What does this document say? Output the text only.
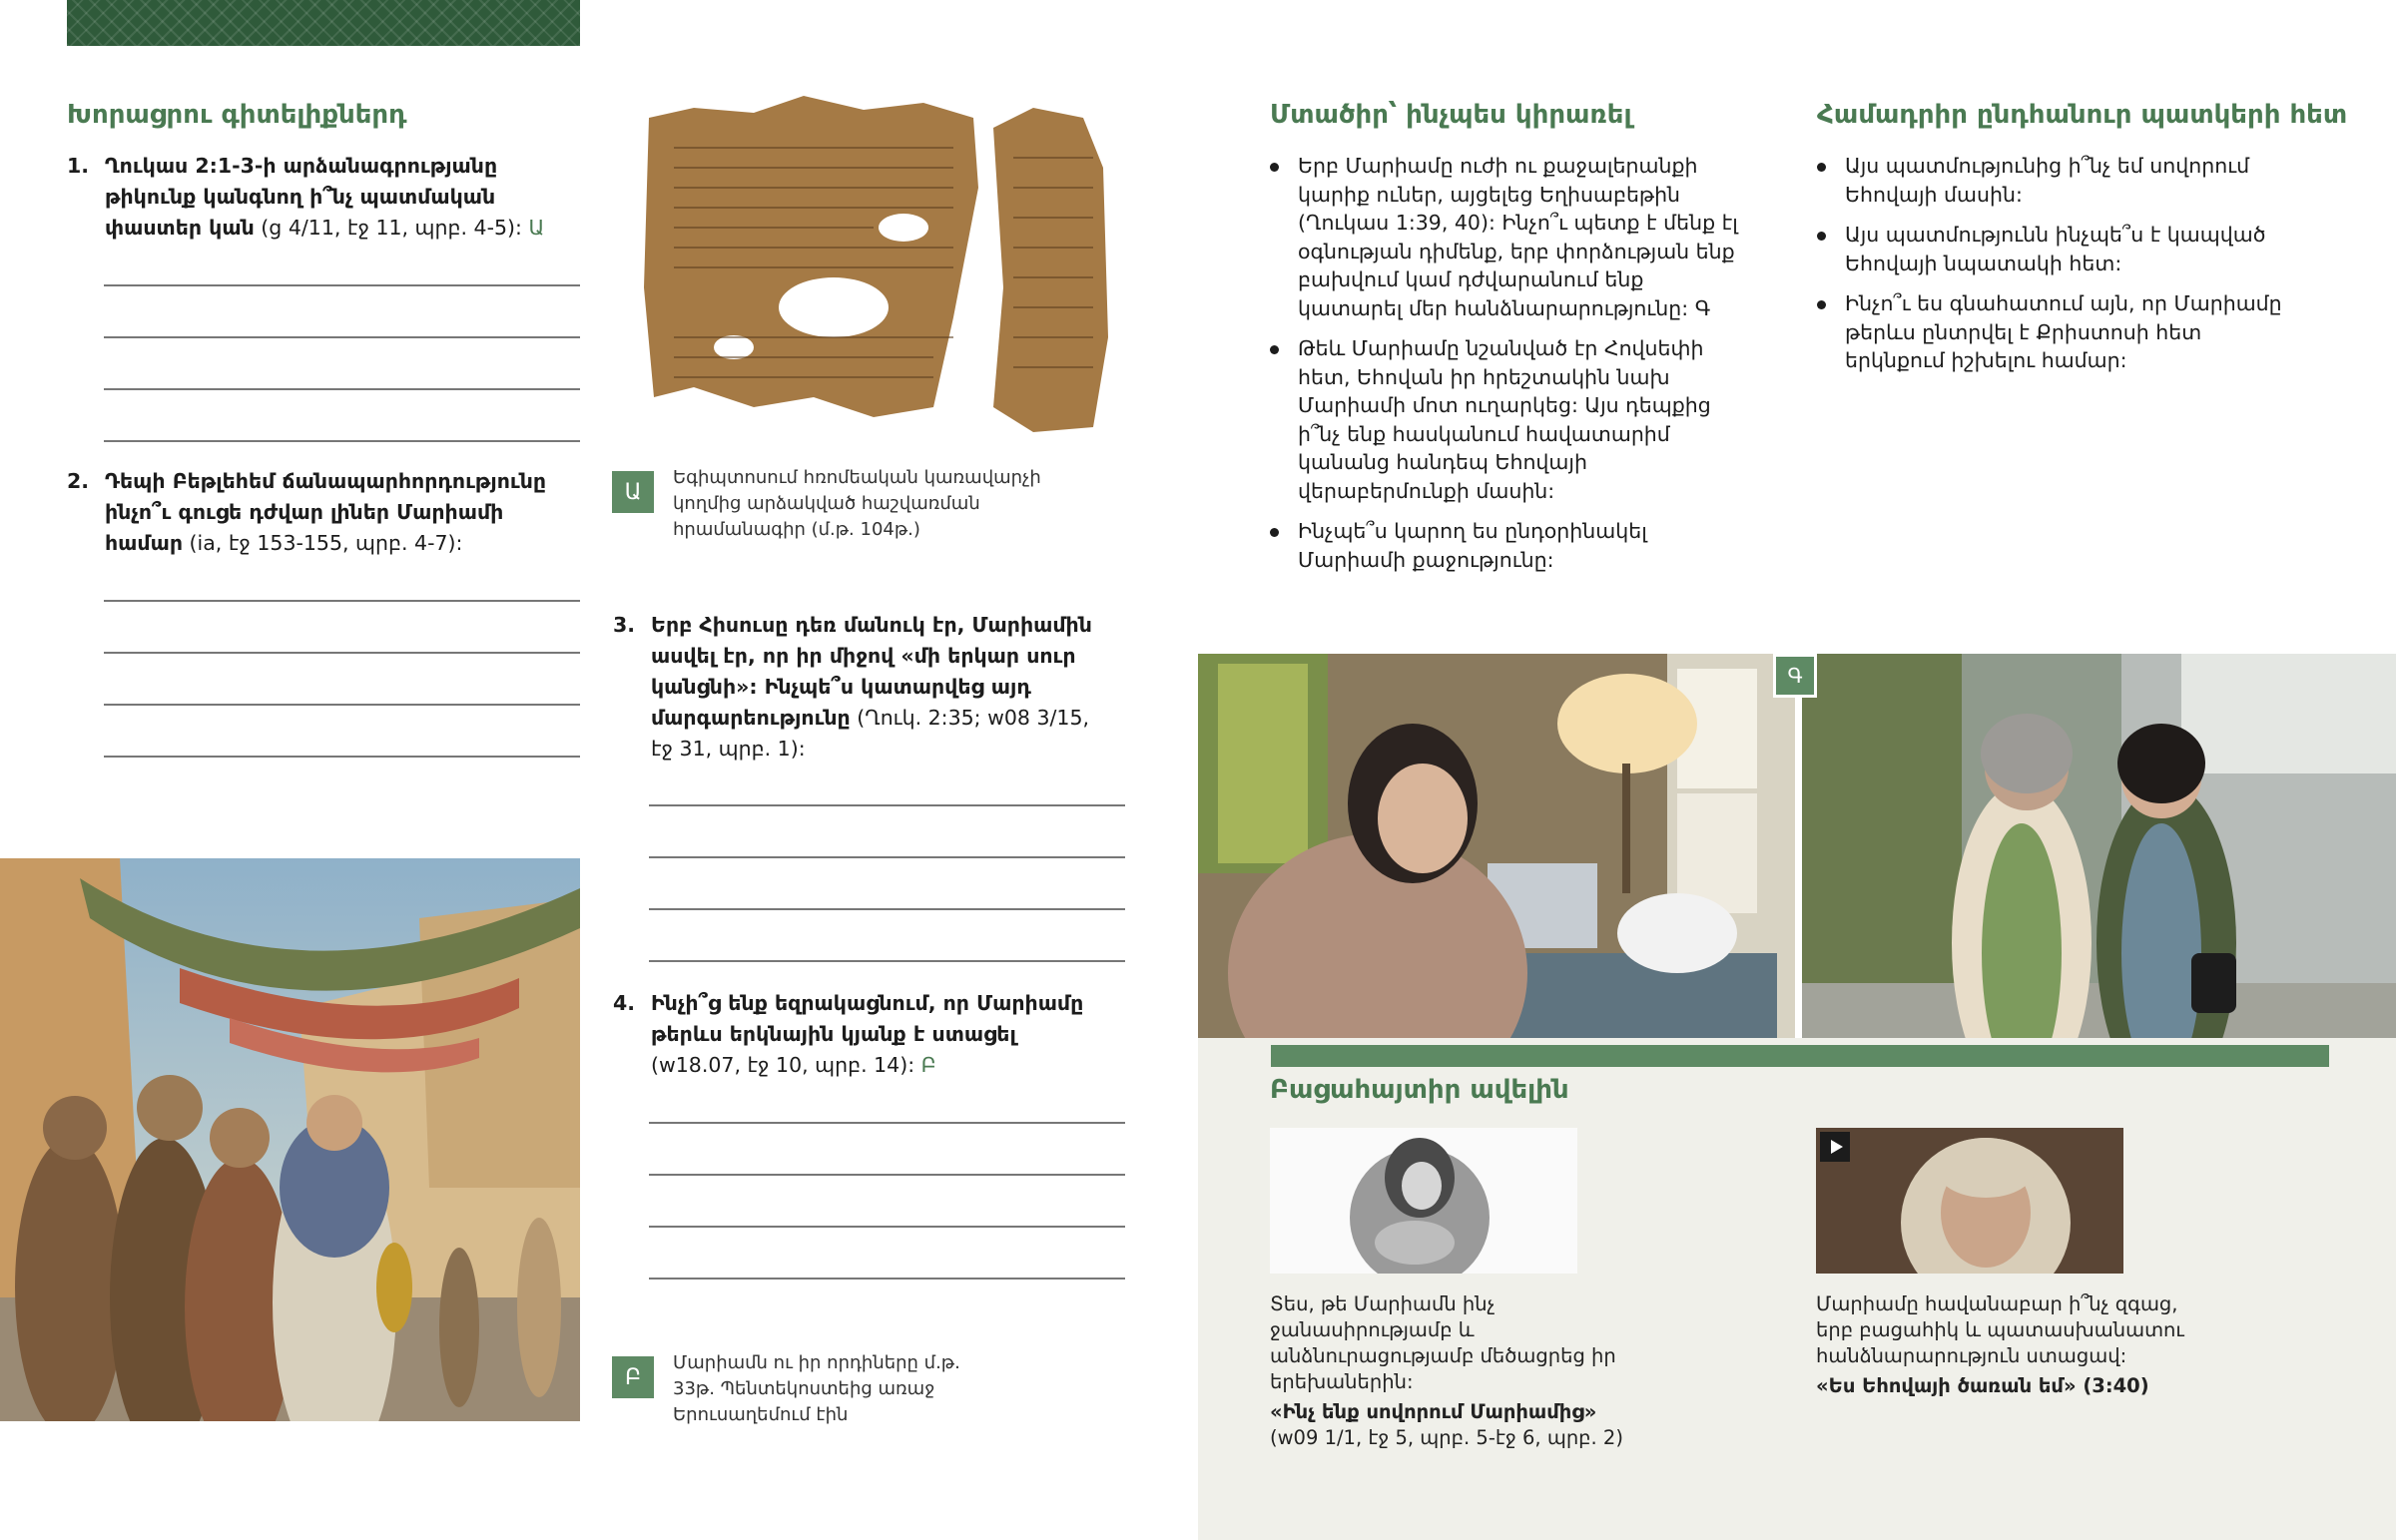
Խորացրու գիտելիքներդ
1. Ղուկաս 2:1-3-ի արձանագրությանը թիկունք կանգնող ի՞նչ պատմական փաստեր կան (g 4/11, էջ 11, պրբ. 4-5): Ա
2. Դեպի Բեթլեհեմ ճանապարհորդությունը ինչո՞ւ գուցե դժվար լիներ Մարիամի համար (ia, էջ 153-155, պրբ. 4-7):
Ա
Եգիպտոսում հռոմեական կառավարչի կողմից արձակված հաշվառման հրամանագիր (մ.թ. 104թ.)
3. Երբ Հիսուսը դեռ մանուկ էր, Մարիամին ասվել էր, որ իր միջով «մի երկար սուր կանցնի»: Ինչպե՞ս կատարվեց այդ մարգարեությունը (Ղուկ. 2:35; w08 3/15, էջ 31, պրբ. 1):
4. Ինչի՞ց ենք եզրակացնում, որ Մարիամը թերևս երկնային կյանք է ստացել (w18.07, էջ 10, պրբ. 14): Բ
Բ
Մարիամն ու իր որդիները մ.թ. 33թ. Պենտեկոստեից առաջ Երուսաղեմում էին
Մտածիր՝ ինչպես կիրառել
Երբ Մարիամը ուժի ու քաջալերանքի կարիք ուներ, այցելեց Եղիսաբեթին (Ղուկաս 1:39, 40): Ինչո՞ւ պետք է մենք էլ օգնության դիմենք, երբ փորձության ենք բախվում կամ դժվարանում ենք կատարել մեր հանձնարարությունը: Գ
Թեև Մարիամը նշանված էր Հովսեփի հետ, Եհովան իր հրեշտակին նախ Մարիամի մոտ ուղարկեց: Այս դեպքից ի՞նչ ենք հասկանում հավատարիմ կանանց հանդեպ Եհովայի վերաբերմունքի մասին:
Ինչպե՞ս կարող ես ընդօրինակել Մարիամի քաջությունը:
Համադրիր ընդհանուր պատկերի հետ
Այս պատմությունից ի՞նչ եմ սովորում Եհովայի մասին:
Այս պատմությունն ինչպե՞ս է կապված Եհովայի նպատակի հետ:
Ինչո՞ւ ես գնահատում այն, որ Մարիամը թերևս ընտրվել է Քրիստոսի հետ երկնքում իշխելու համար:
Գ
Բացահայտիր ավելին
Տես, թե Մարիամն ինչ ջանասիրությամբ և անձնուրացությամբ մեծացրեց իր երեխաներին:
«Ինչ ենք սովորում Մարիամից»
(w09 1/1, էջ 5, պրբ. 5-էջ 6, պրբ. 2)
Մարիամը հավանաբար ի՞նչ զգաց, երբ բացահիկ և պատասխանատու հանձնարարություն ստացավ:
«Ես Եհովայի ծառան եմ» (3:40)
